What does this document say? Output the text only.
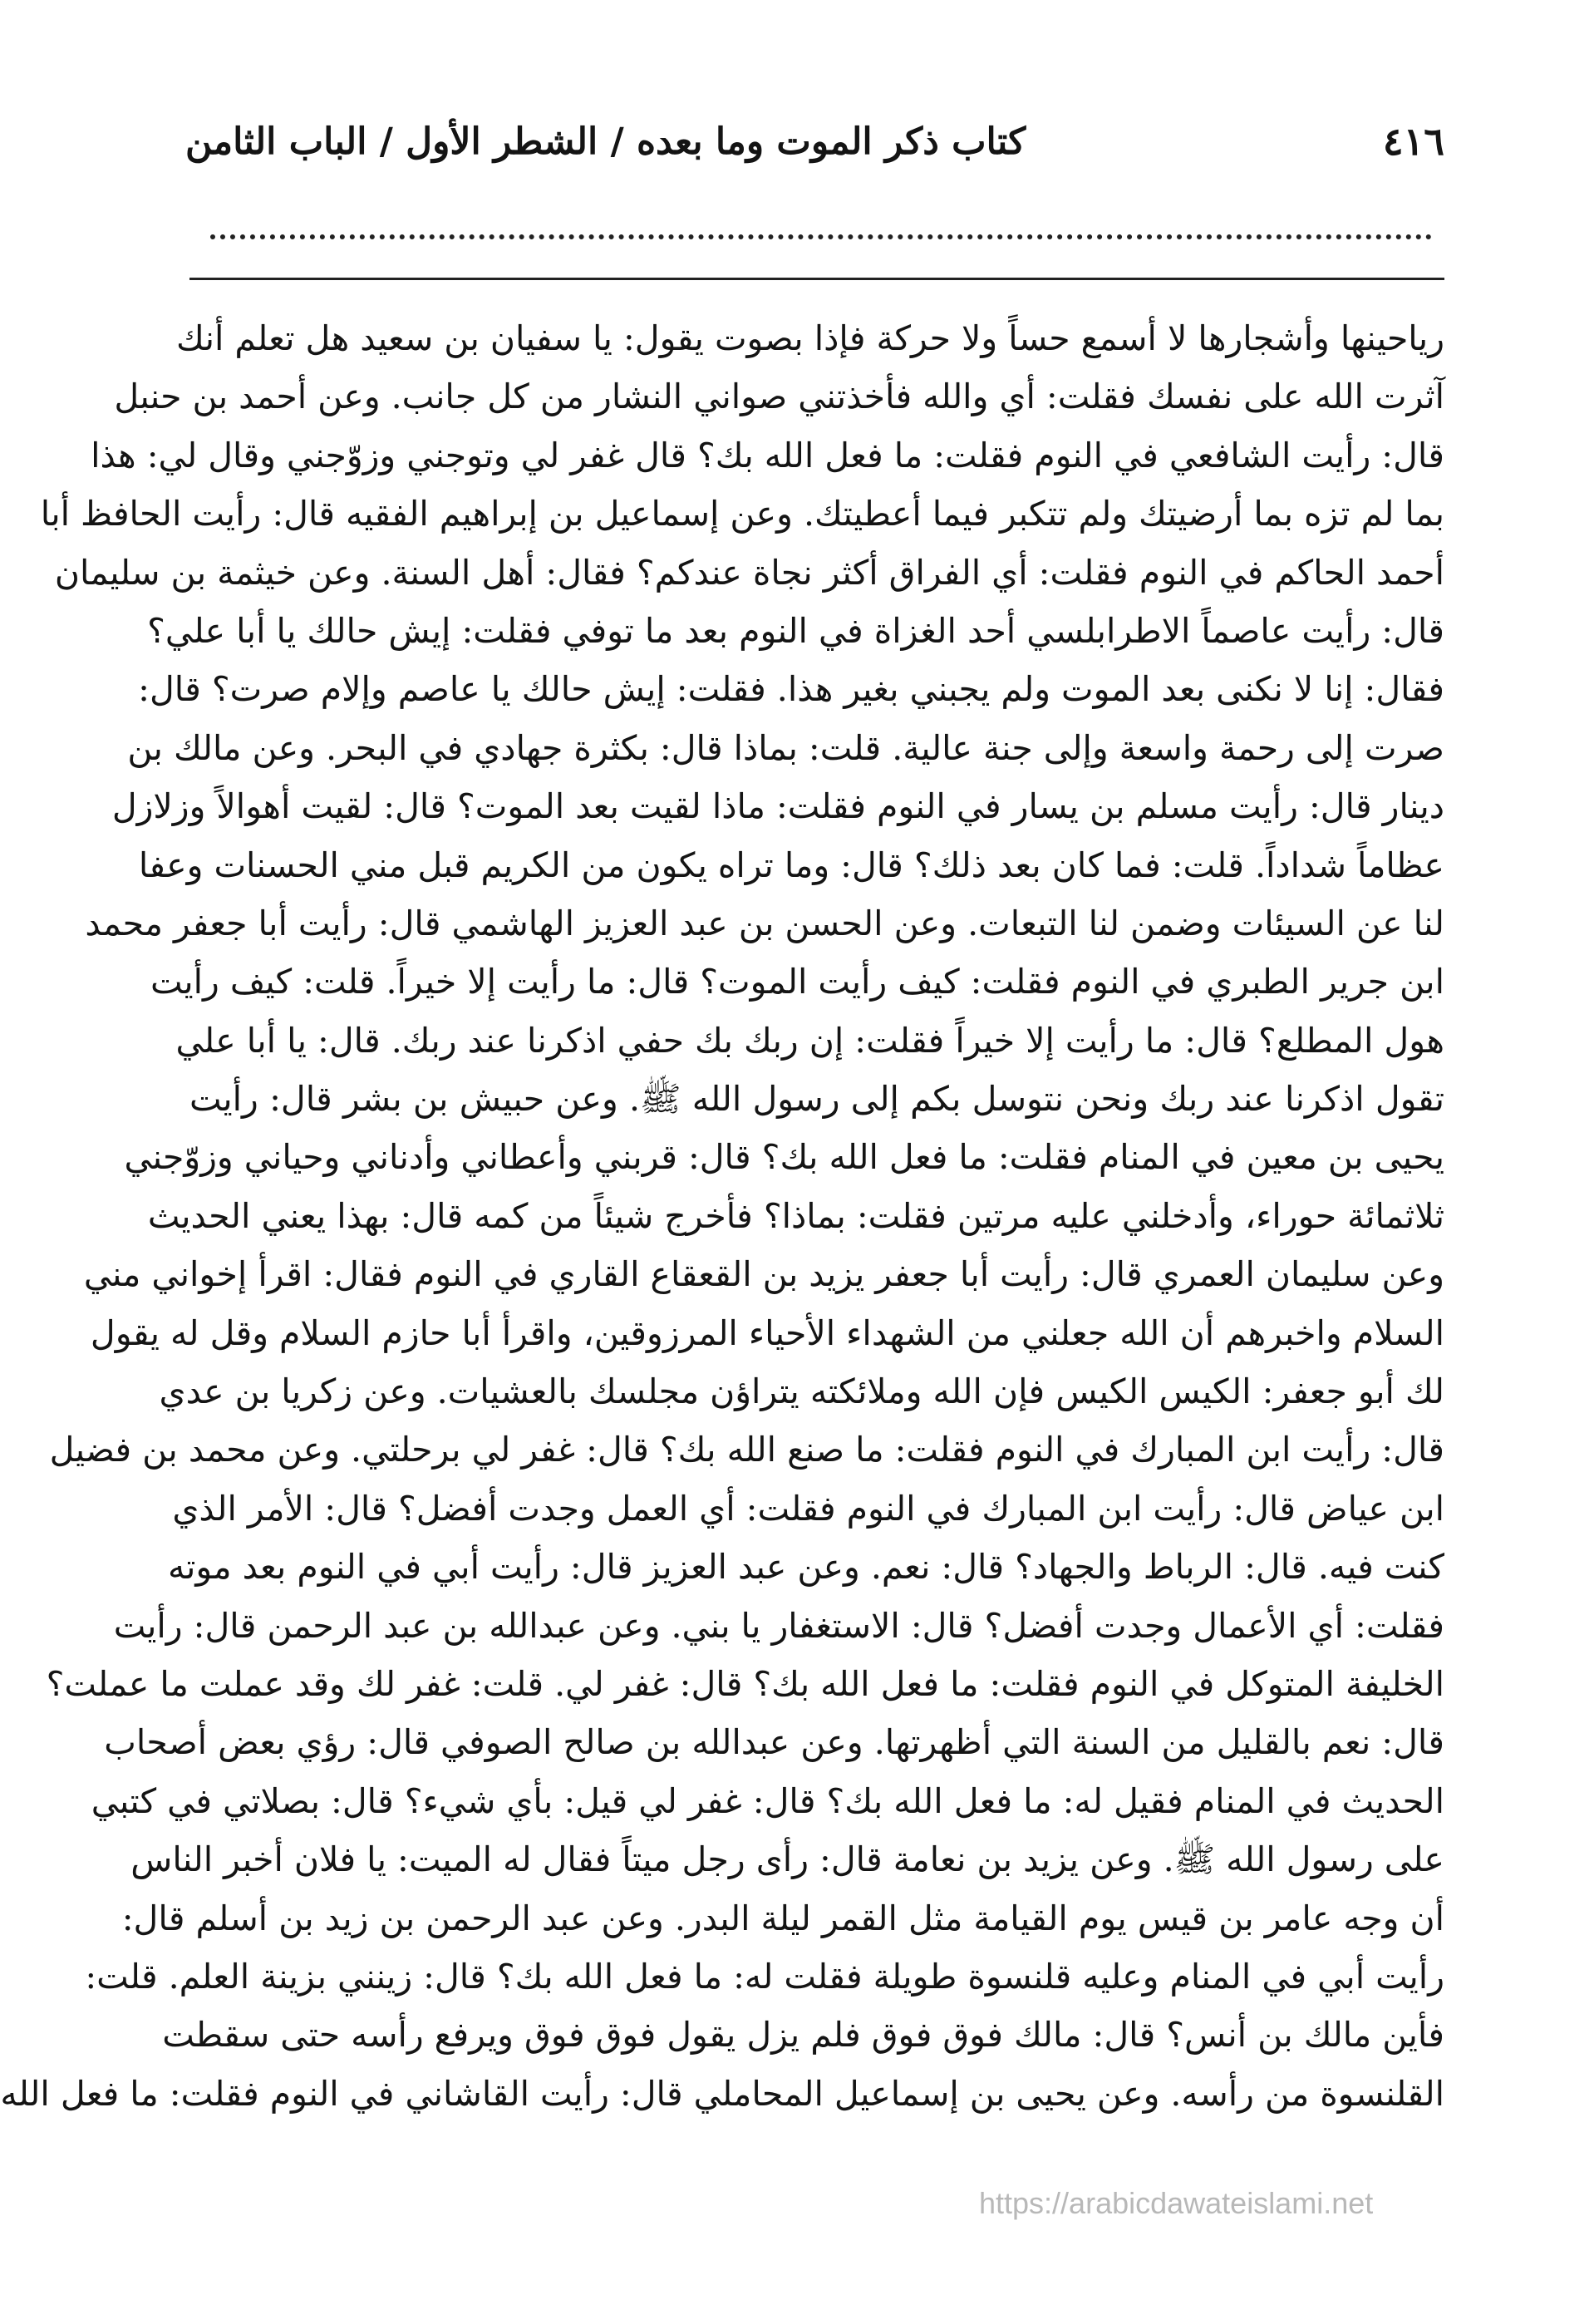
٤١٦
كتاب ذكر الموت وما بعده / الشطر الأول / الباب الثامن
رياحينها وأشجارها لا أسمع حساً ولا حركة فإذا بصوت يقول: يا سفيان بن سعيد هل تعلم أنك
آثرت الله على نفسك فقلت: أي والله فأخذتني صواني النشار من كل جانب. وعن أحمد بن حنبل
قال: رأيت الشافعي في النوم فقلت: ما فعل الله بك؟ قال غفر لي وتوجني وزوّجني وقال لي: هذا
بما لم تزه بما أرضيتك ولم تتكبر فيما أعطيتك. وعن إسماعيل بن إبراهيم الفقيه قال: رأيت الحافظ أبا
أحمد الحاكم في النوم فقلت: أي الفراق أكثر نجاة عندكم؟ فقال: أهل السنة. وعن خيثمة بن سليمان
قال: رأيت عاصماً الاطرابلسي أحد الغزاة في النوم بعد ما توفي فقلت: إيش حالك يا أبا علي؟
فقال: إنا لا نكنى بعد الموت ولم يجبني بغير هذا. فقلت: إيش حالك يا عاصم وإلام صرت؟ قال:
صرت إلى رحمة واسعة وإلى جنة عالية. قلت: بماذا قال: بكثرة جهادي في البحر. وعن مالك بن
دينار قال: رأيت مسلم بن يسار في النوم فقلت: ماذا لقيت بعد الموت؟ قال: لقيت أهوالاً وزلازل
عظاماً شداداً. قلت: فما كان بعد ذلك؟ قال: وما تراه يكون من الكريم قبل مني الحسنات وعفا
لنا عن السيئات وضمن لنا التبعات. وعن الحسن بن عبد العزيز الهاشمي قال: رأيت أبا جعفر محمد
ابن جرير الطبري في النوم فقلت: كيف رأيت الموت؟ قال: ما رأيت إلا خيراً. قلت: كيف رأيت
هول المطلع؟ قال: ما رأيت إلا خيراً فقلت: إن ربك بك حفي اذكرنا عند ربك. قال: يا أبا علي
تقول اذكرنا عند ربك ونحن نتوسل بكم إلى رسول الله ﷺ. وعن حبيش بن بشر قال: رأيت
يحيى بن معين في المنام فقلت: ما فعل الله بك؟ قال: قربني وأعطاني وأدناني وحياني وزوّجني
ثلاثمائة حوراء، وأدخلني عليه مرتين فقلت: بماذا؟ فأخرج شيئاً من كمه قال: بهذا يعني الحديث
وعن سليمان العمري قال: رأيت أبا جعفر يزيد بن القعقاع القاري في النوم فقال: اقرأ إخواني مني
السلام واخبرهم أن الله جعلني من الشهداء الأحياء المرزوقين، واقرأ أبا حازم السلام وقل له يقول
لك أبو جعفر: الكيس الكيس فإن الله وملائكته يتراؤن مجلسك بالعشيات. وعن زكريا بن عدي
قال: رأيت ابن المبارك في النوم فقلت: ما صنع الله بك؟ قال: غفر لي برحلتي. وعن محمد بن فضيل
ابن عياض قال: رأيت ابن المبارك في النوم فقلت: أي العمل وجدت أفضل؟ قال: الأمر الذي
كنت فيه. قال: الرباط والجهاد؟ قال: نعم. وعن عبد العزيز قال: رأيت أبي في النوم بعد موته
فقلت: أي الأعمال وجدت أفضل؟ قال: الاستغفار يا بني. وعن عبدالله بن عبد الرحمن قال: رأيت
الخليفة المتوكل في النوم فقلت: ما فعل الله بك؟ قال: غفر لي. قلت: غفر لك وقد عملت ما عملت؟
قال: نعم بالقليل من السنة التي أظهرتها. وعن عبدالله بن صالح الصوفي قال: رؤي بعض أصحاب
الحديث في المنام فقيل له: ما فعل الله بك؟ قال: غفر لي قيل: بأي شيء؟ قال: بصلاتي في كتبي
على رسول الله ﷺ. وعن يزيد بن نعامة قال: رأى رجل ميتاً فقال له الميت: يا فلان أخبر الناس
أن وجه عامر بن قيس يوم القيامة مثل القمر ليلة البدر. وعن عبد الرحمن بن زيد بن أسلم قال:
رأيت أبي في المنام وعليه قلنسوة طويلة فقلت له: ما فعل الله بك؟ قال: زينني بزينة العلم. قلت:
فأين مالك بن أنس؟ قال: مالك فوق فوق فلم يزل يقول فوق فوق ويرفع رأسه حتى سقطت
القلنسوة من رأسه. وعن يحيى بن إسماعيل المحاملي قال: رأيت القاشاني في النوم فقلت: ما فعل الله
https://arabicdawateislami.net
